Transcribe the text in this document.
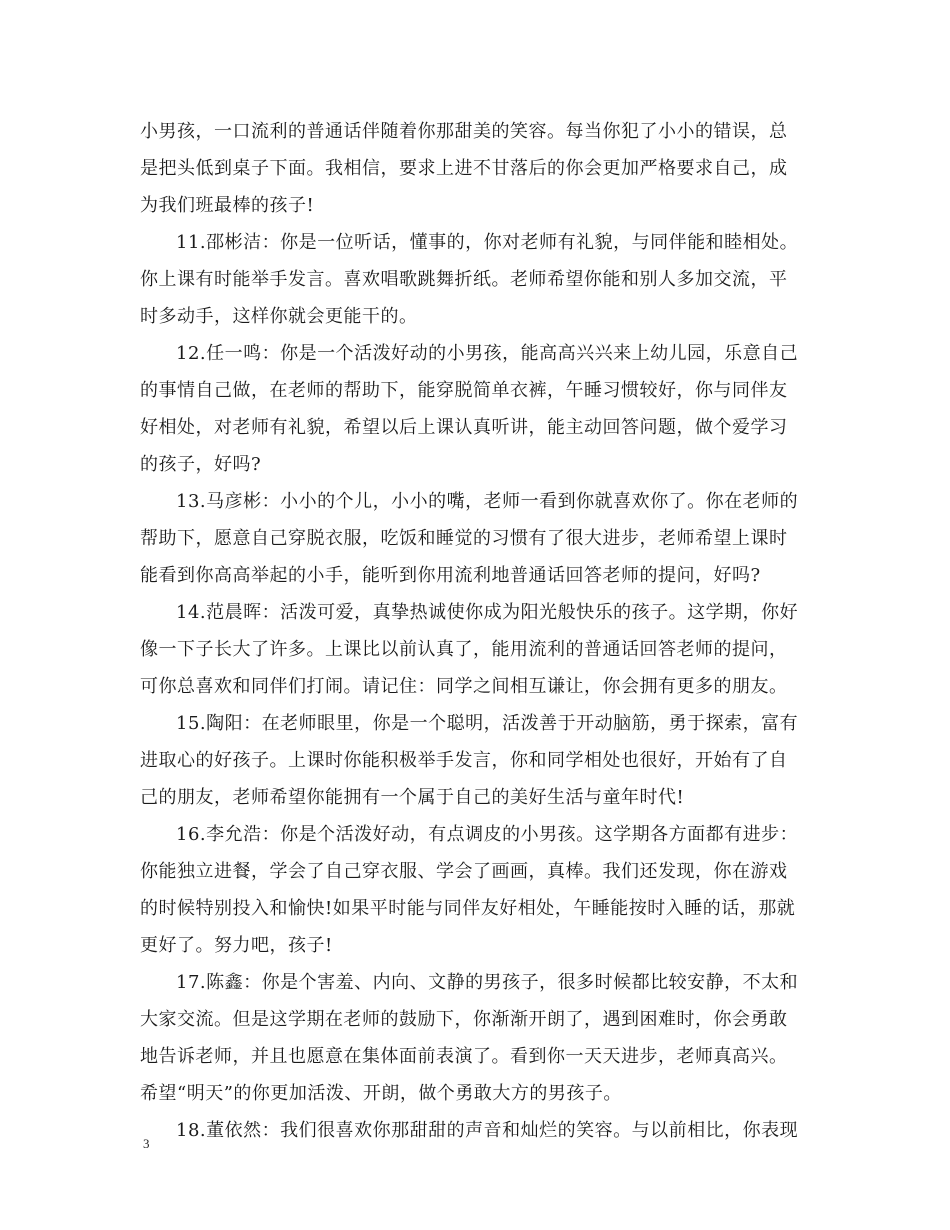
小男孩，一口流利的普通话伴随着你那甜美的笑容。每当你犯了小小的错误，总
是把头低到桌子下面。我相信，要求上进不甘落后的你会更加严格要求自己，成
为我们班最棒的孩子!
11.邵彬洁：你是一位听话，懂事的，你对老师有礼貌，与同伴能和睦相处。
你上课有时能举手发言。喜欢唱歌跳舞折纸。老师希望你能和别人多加交流，平
时多动手，这样你就会更能干的。
12.任一鸣：你是一个活泼好动的小男孩，能高高兴兴来上幼儿园，乐意自己
的事情自己做，在老师的帮助下，能穿脱简单衣裤，午睡习惯较好，你与同伴友
好相处，对老师有礼貌，希望以后上课认真听讲，能主动回答问题，做个爱学习
的孩子，好吗?
13.马彦彬：小小的个儿，小小的嘴，老师一看到你就喜欢你了。你在老师的
帮助下，愿意自己穿脱衣服，吃饭和睡觉的习惯有了很大进步，老师希望上课时
能看到你高高举起的小手，能听到你用流利地普通话回答老师的提问，好吗?
14.范晨晖：活泼可爱，真挚热诚使你成为阳光般快乐的孩子。这学期，你好
像一下子长大了许多。上课比以前认真了，能用流利的普通话回答老师的提问，
可你总喜欢和同伴们打闹。请记住：同学之间相互谦让，你会拥有更多的朋友。
15.陶阳：在老师眼里，你是一个聪明，活泼善于开动脑筋，勇于探索，富有
进取心的好孩子。上课时你能积极举手发言，你和同学相处也很好，开始有了自
己的朋友，老师希望你能拥有一个属于自己的美好生活与童年时代!
16.李允浩：你是个活泼好动，有点调皮的小男孩。这学期各方面都有进步：
你能独立进餐，学会了自己穿衣服、学会了画画，真棒。我们还发现，你在游戏
的时候特别投入和愉快!如果平时能与同伴友好相处，午睡能按时入睡的话，那就
更好了。努力吧，孩子!
17.陈鑫：你是个害羞、内向、文静的男孩子，很多时候都比较安静，不太和
大家交流。但是这学期在老师的鼓励下，你渐渐开朗了，遇到困难时，你会勇敢
地告诉老师，并且也愿意在集体面前表演了。看到你一天天进步，老师真高兴。
希望“明天”的你更加活泼、开朗，做个勇敢大方的男孩子。
18.董依然：我们很喜欢你那甜甜的声音和灿烂的笑容。与以前相比，你表现
3
